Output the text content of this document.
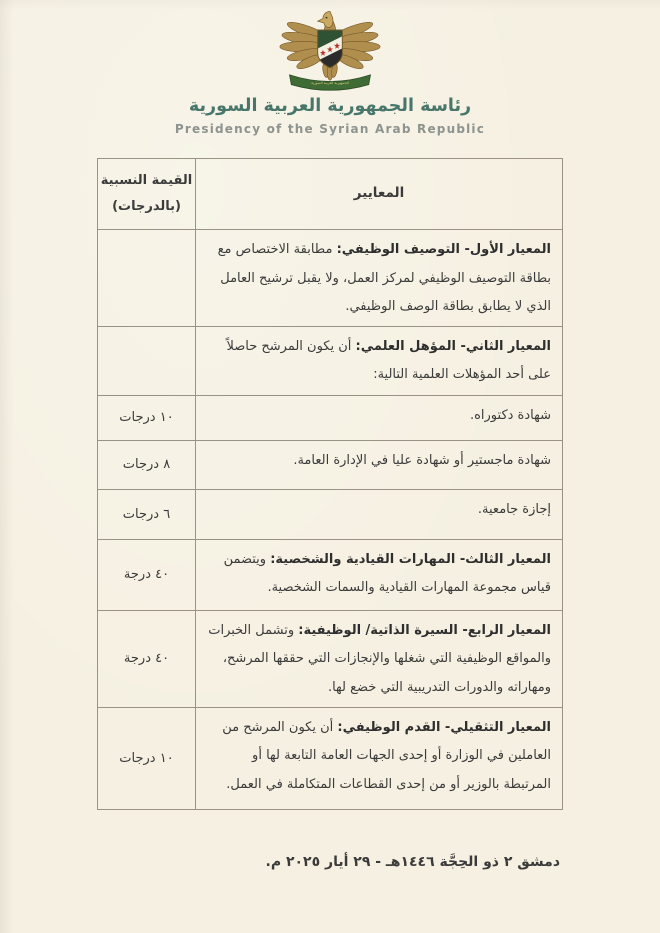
الجمهورية العربية السورية
رئاسة الجمهورية العربية السورية
Presidency of the Syrian Arab Republic

المعايير

القيمة النسبية
(بالدرجات)

المعيار الأول- التوصيف الوظيفي: مطابقة الاختصاص مع بطاقة التوصيف الوظيفي لمركز العمل، ولا يقبل ترشيح العامل الذي لا يطابق بطاقة الوصف الوظيفي.

المعيار الثاني- المؤهل العلمي: أن يكون المرشح حاصلاً على أحد المؤهلات العلمية التالية:

شهادة دكتوراه.

١٠ درجات

شهادة ماجستير أو شهادة عليا في الإدارة العامة.

٨ درجات

إجازة جامعية.

٦ درجات

المعيار الثالث- المهارات القيادية والشخصية: ويتضمن قياس مجموعة المهارات القيادية والسمات الشخصية.

٤٠ درجة

المعيار الرابع- السيرة الذاتية/ الوظيفية: وتشمل الخبرات والمواقع الوظيفية التي شغلها والإنجازات التي حققها المرشح، ومهاراته والدورات التدريبية التي خضع لها.

٤٠ درجة

المعيار التثقيلي- القدم الوظيفي: أن يكون المرشح من العاملين في الوزارة أو إحدى الجهات العامة التابعة لها أو المرتبطة بالوزير أو من إحدى القطاعات المتكاملة في العمل.

١٠ درجات
دمشق ٢ ذو الحِجَّة ١٤٤٦هـ - ٢٩ أيار ٢٠٢٥ م.
